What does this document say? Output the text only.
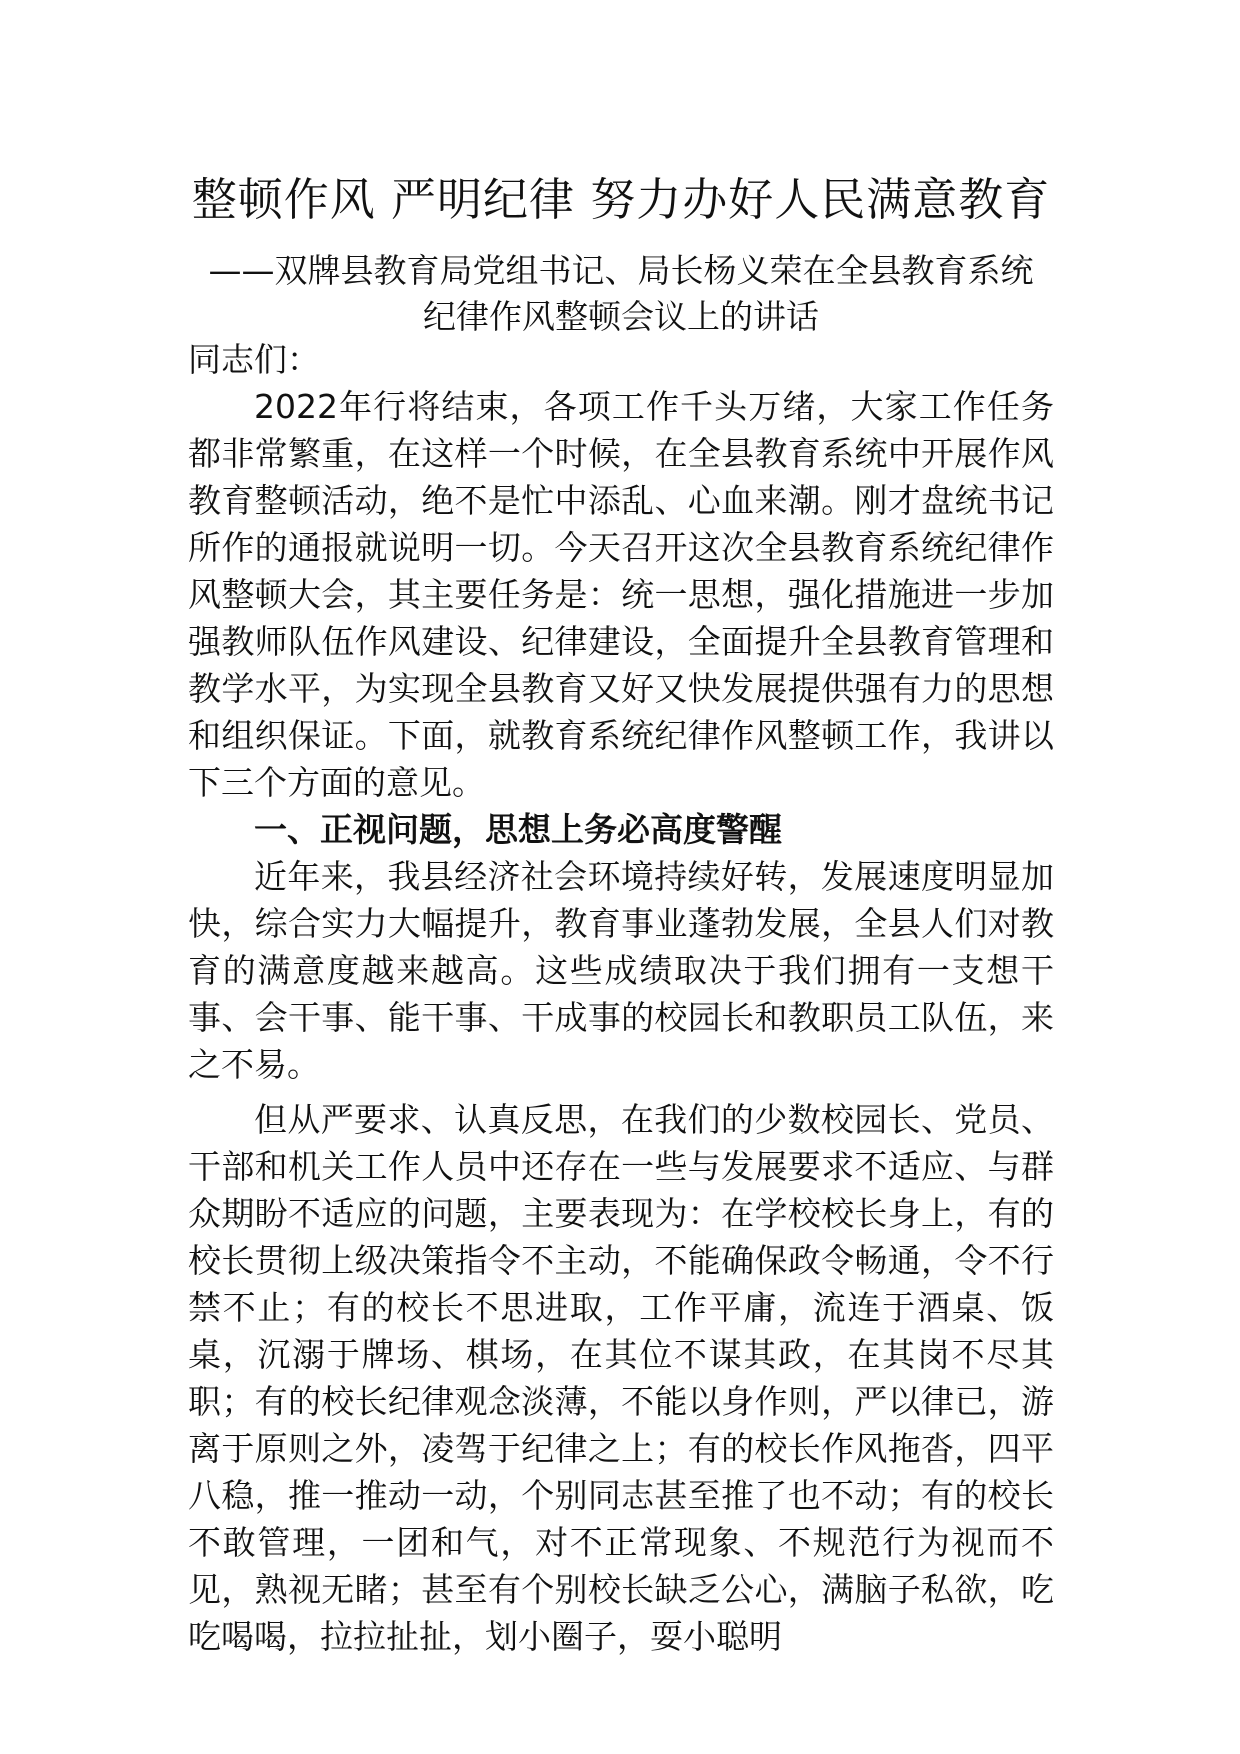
整顿作风 严明纪律 努力办好人民满意教育
——双牌县教育局党组书记、局长杨义荣在全县教育系统
纪律作风整顿会议上的讲话

同志们：

2022年行将结束，各项工作千头万绪，大家工作任务都非常繁重，在这样一个时候，在全县教育系统中开展作风教育整顿活动，绝不是忙中添乱、心血来潮。刚才盘统书记所作的通报就说明一切。今天召开这次全县教育系统纪律作风整顿大会，其主要任务是：统一思想，强化措施进一步加强教师队伍作风建设、纪律建设，全面提升全县教育管理和教学水平，为实现全县教育又好又快发展提供强有力的思想和组织保证。下面，就教育系统纪律作风整顿工作，我讲以下三个方面的意见。

一、正视问题，思想上务必高度警醒

近年来，我县经济社会环境持续好转，发展速度明显加快，综合实力大幅提升，教育事业蓬勃发展，全县人们对教育的满意度越来越高。这些成绩取决于我们拥有一支想干事、会干事、能干事、干成事的校园长和教职员工队伍，来之不易。

但从严要求、认真反思，在我们的少数校园长、党员、干部和机关工作人员中还存在一些与发展要求不适应、与群众期盼不适应的问题，主要表现为：在学校校长身上，有的校长贯彻上级决策指令不主动，不能确保政令畅通，令不行禁不止；有的校长不思进取，工作平庸，流连于酒桌、饭桌，沉溺于牌场、棋场，在其位不谋其政，在其岗不尽其职；有的校长纪律观念淡薄，不能以身作则，严以律已，游离于原则之外，凌驾于纪律之上；有的校长作风拖沓，四平八稳，推一推动一动，个别同志甚至推了也不动；有的校长不敢管理，一团和气，对不正常现象、不规范行为视而不见，熟视无睹；甚至有个别校长缺乏公心，满脑子私欲，吃吃喝喝，拉拉扯扯，划小圈子，耍小聪明
